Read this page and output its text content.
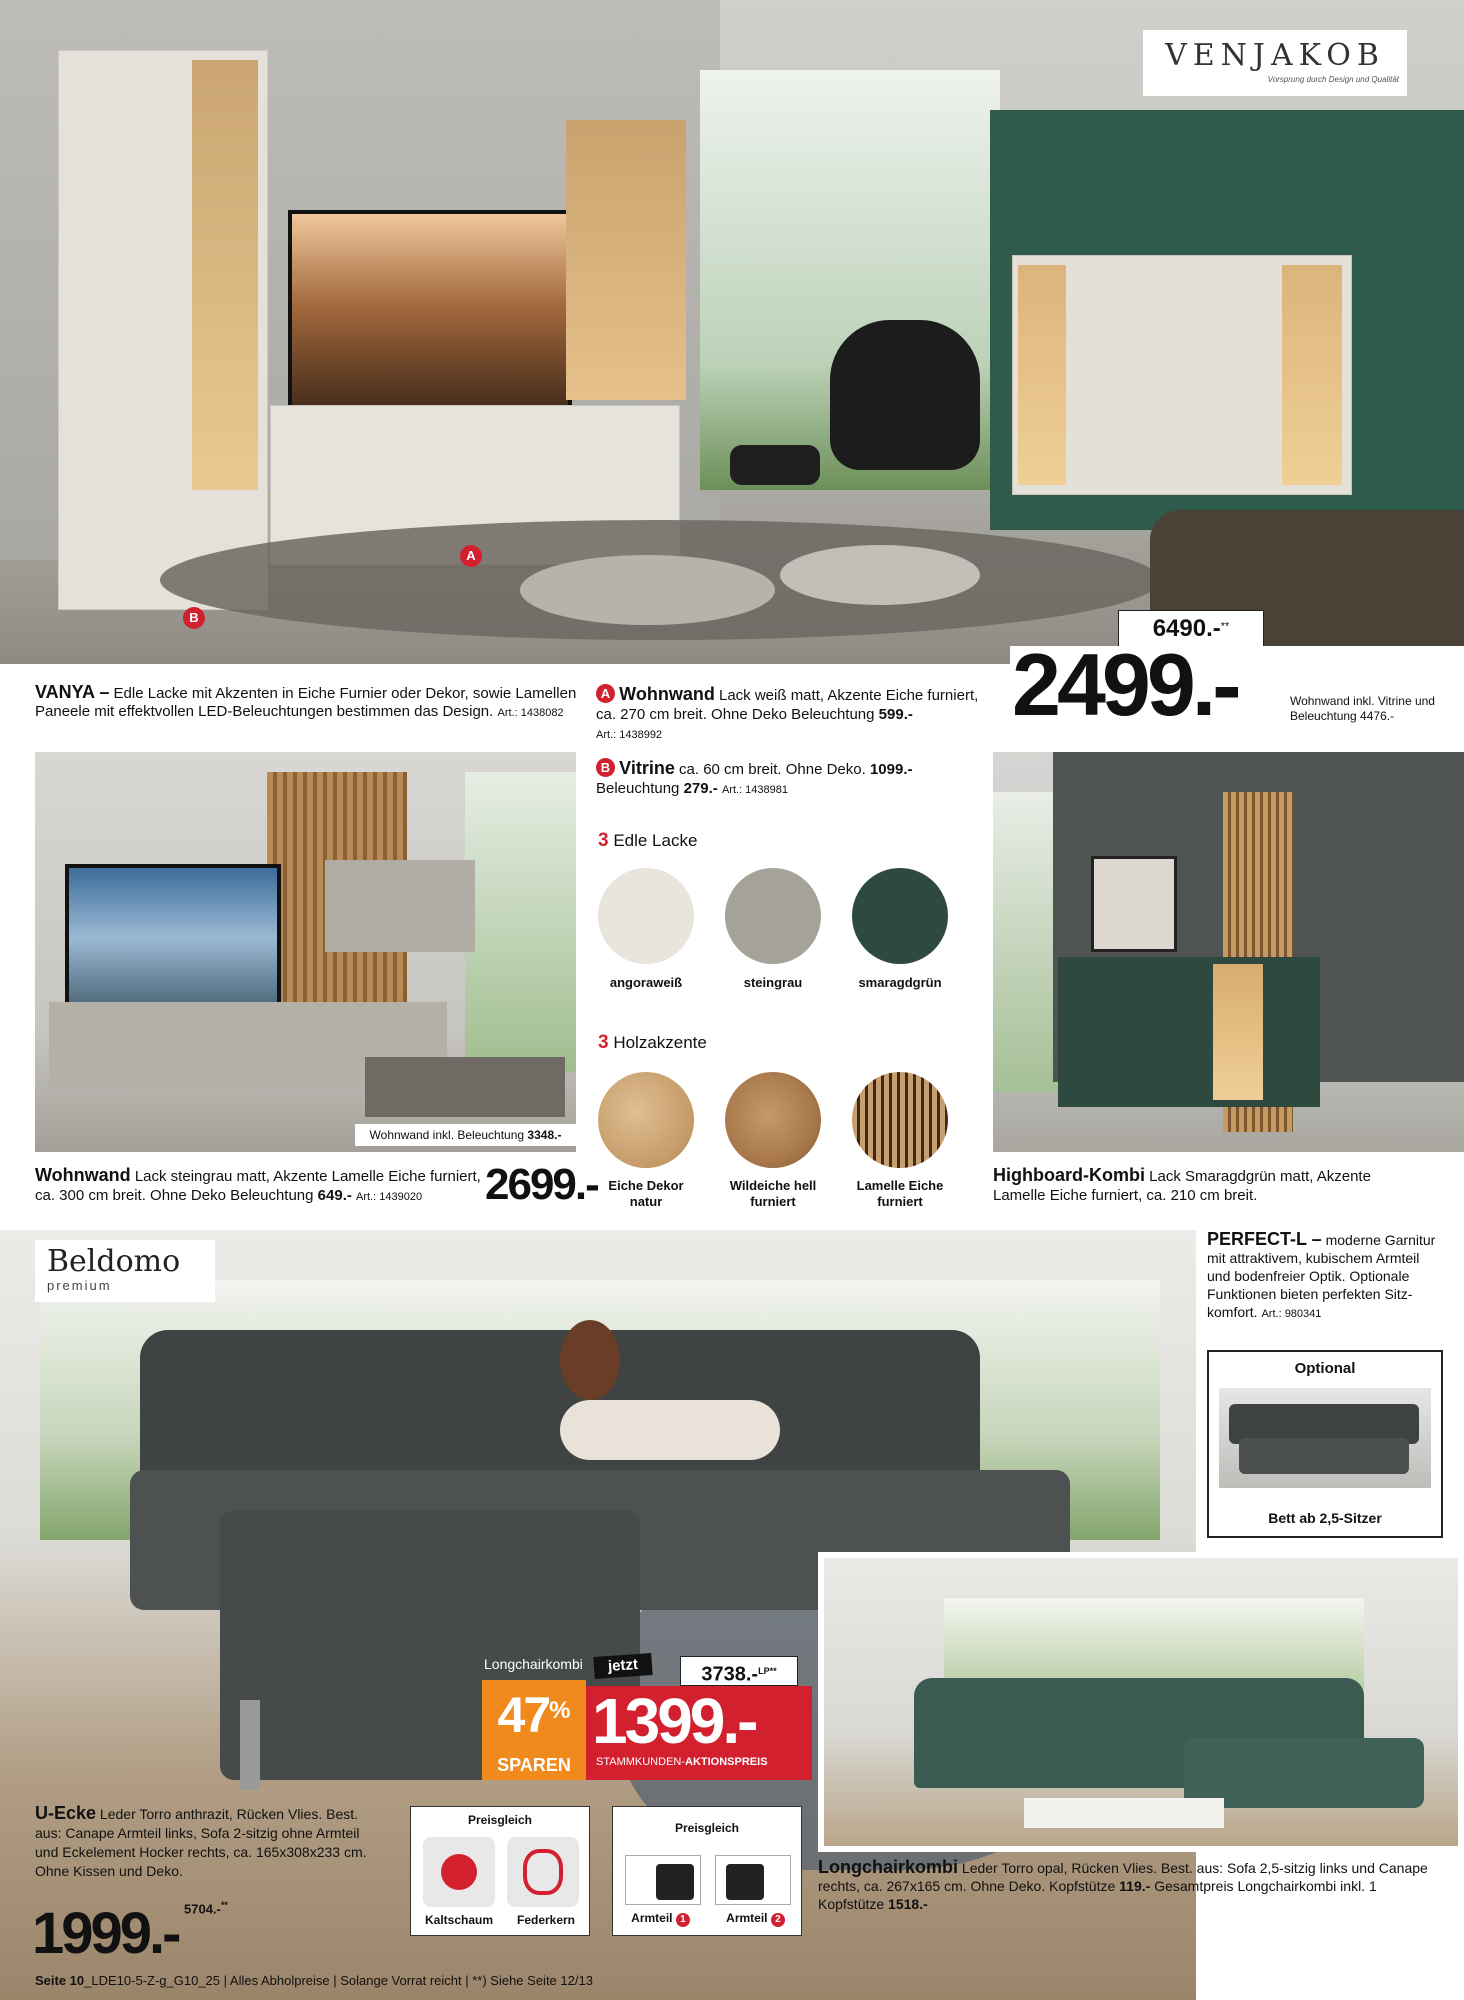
A
B
VENJAKOB
Vorsprung durch Design und Qualität
6490.-**
2499.-	Wohnwand inkl. Vitrine und Beleuchtung 4476.-
VANYA – Edle Lacke mit Akzenten in Eiche Furnier oder Dekor, sowie Lamellen Paneele mit effektvollen LED-Beleuchtungen bestimmen das Design. Art.: 1438082
A Wohnwand Lack weiß matt, Akzente Eiche furniert, ca. 270 cm breit. Ohne Deko Beleuchtung 599.-
Art.: 1438992
B Vitrine ca. 60 cm breit. Ohne Deko. 1099.- Beleuchtung 279.- Art.: 1438981
Wohnwand inkl. Beleuchtung 3348.-
3 Edle Lacke
angoraweiß	steingrau	smaragdgrün
3 Holzakzente
Eiche Dekor natur
Wildeiche hell furniert
Lamelle Eiche furniert
Wohnwand Lack steingrau matt, Akzente Lamelle Eiche furniert, ca. 300 cm breit. Ohne Deko Beleuchtung 649.- Art.: 1439020	2699.-	Highboard-Kombi Lack Smaragdgrün matt, Akzente Lamelle Eiche furniert, ca. 210 cm breit.
Beldomo
premium
PERFECT-L – moderne Garnitur mit attraktivem, kubischem Armteil und bodenfreier Optik. Optionale Funktionen bieten perfekten Sitz-komfort. Art.: 980341
Optional
Bett ab 2,5-Sitzer
Longchairkombi	jetzt	3738.-$^{LP**}$
47%
SPAREN
1399.-
STAMMKUNDEN-AKTIONSPREIS
U-Ecke Leder Torro anthrazit, Rücken Vlies. Best. aus: Canape Armteil links, Sofa 2-sitzig ohne Armteil und Eckelement Hocker rechts, ca. 165x308x233 cm. Ohne Kissen und Deko.
1999.- 5704.-**
Preisgleich
Kaltschaum	Federkern
Preisgleich
Armteil 1	Armteil 2
Longchairkombi Leder Torro opal, Rücken Vlies. Best. aus: Sofa 2,5-sitzig links und Canape rechts, ca. 267x165 cm. Ohne Deko. Kopfstütze 119.- Gesamtpreis Longchairkombi inkl. 1 Kopfstütze 1518.-
Seite 10_LDE10-5-Z-g_G10_25 | Alles Abholpreise | Solange Vorrat reicht | **) Siehe Seite 12/13
